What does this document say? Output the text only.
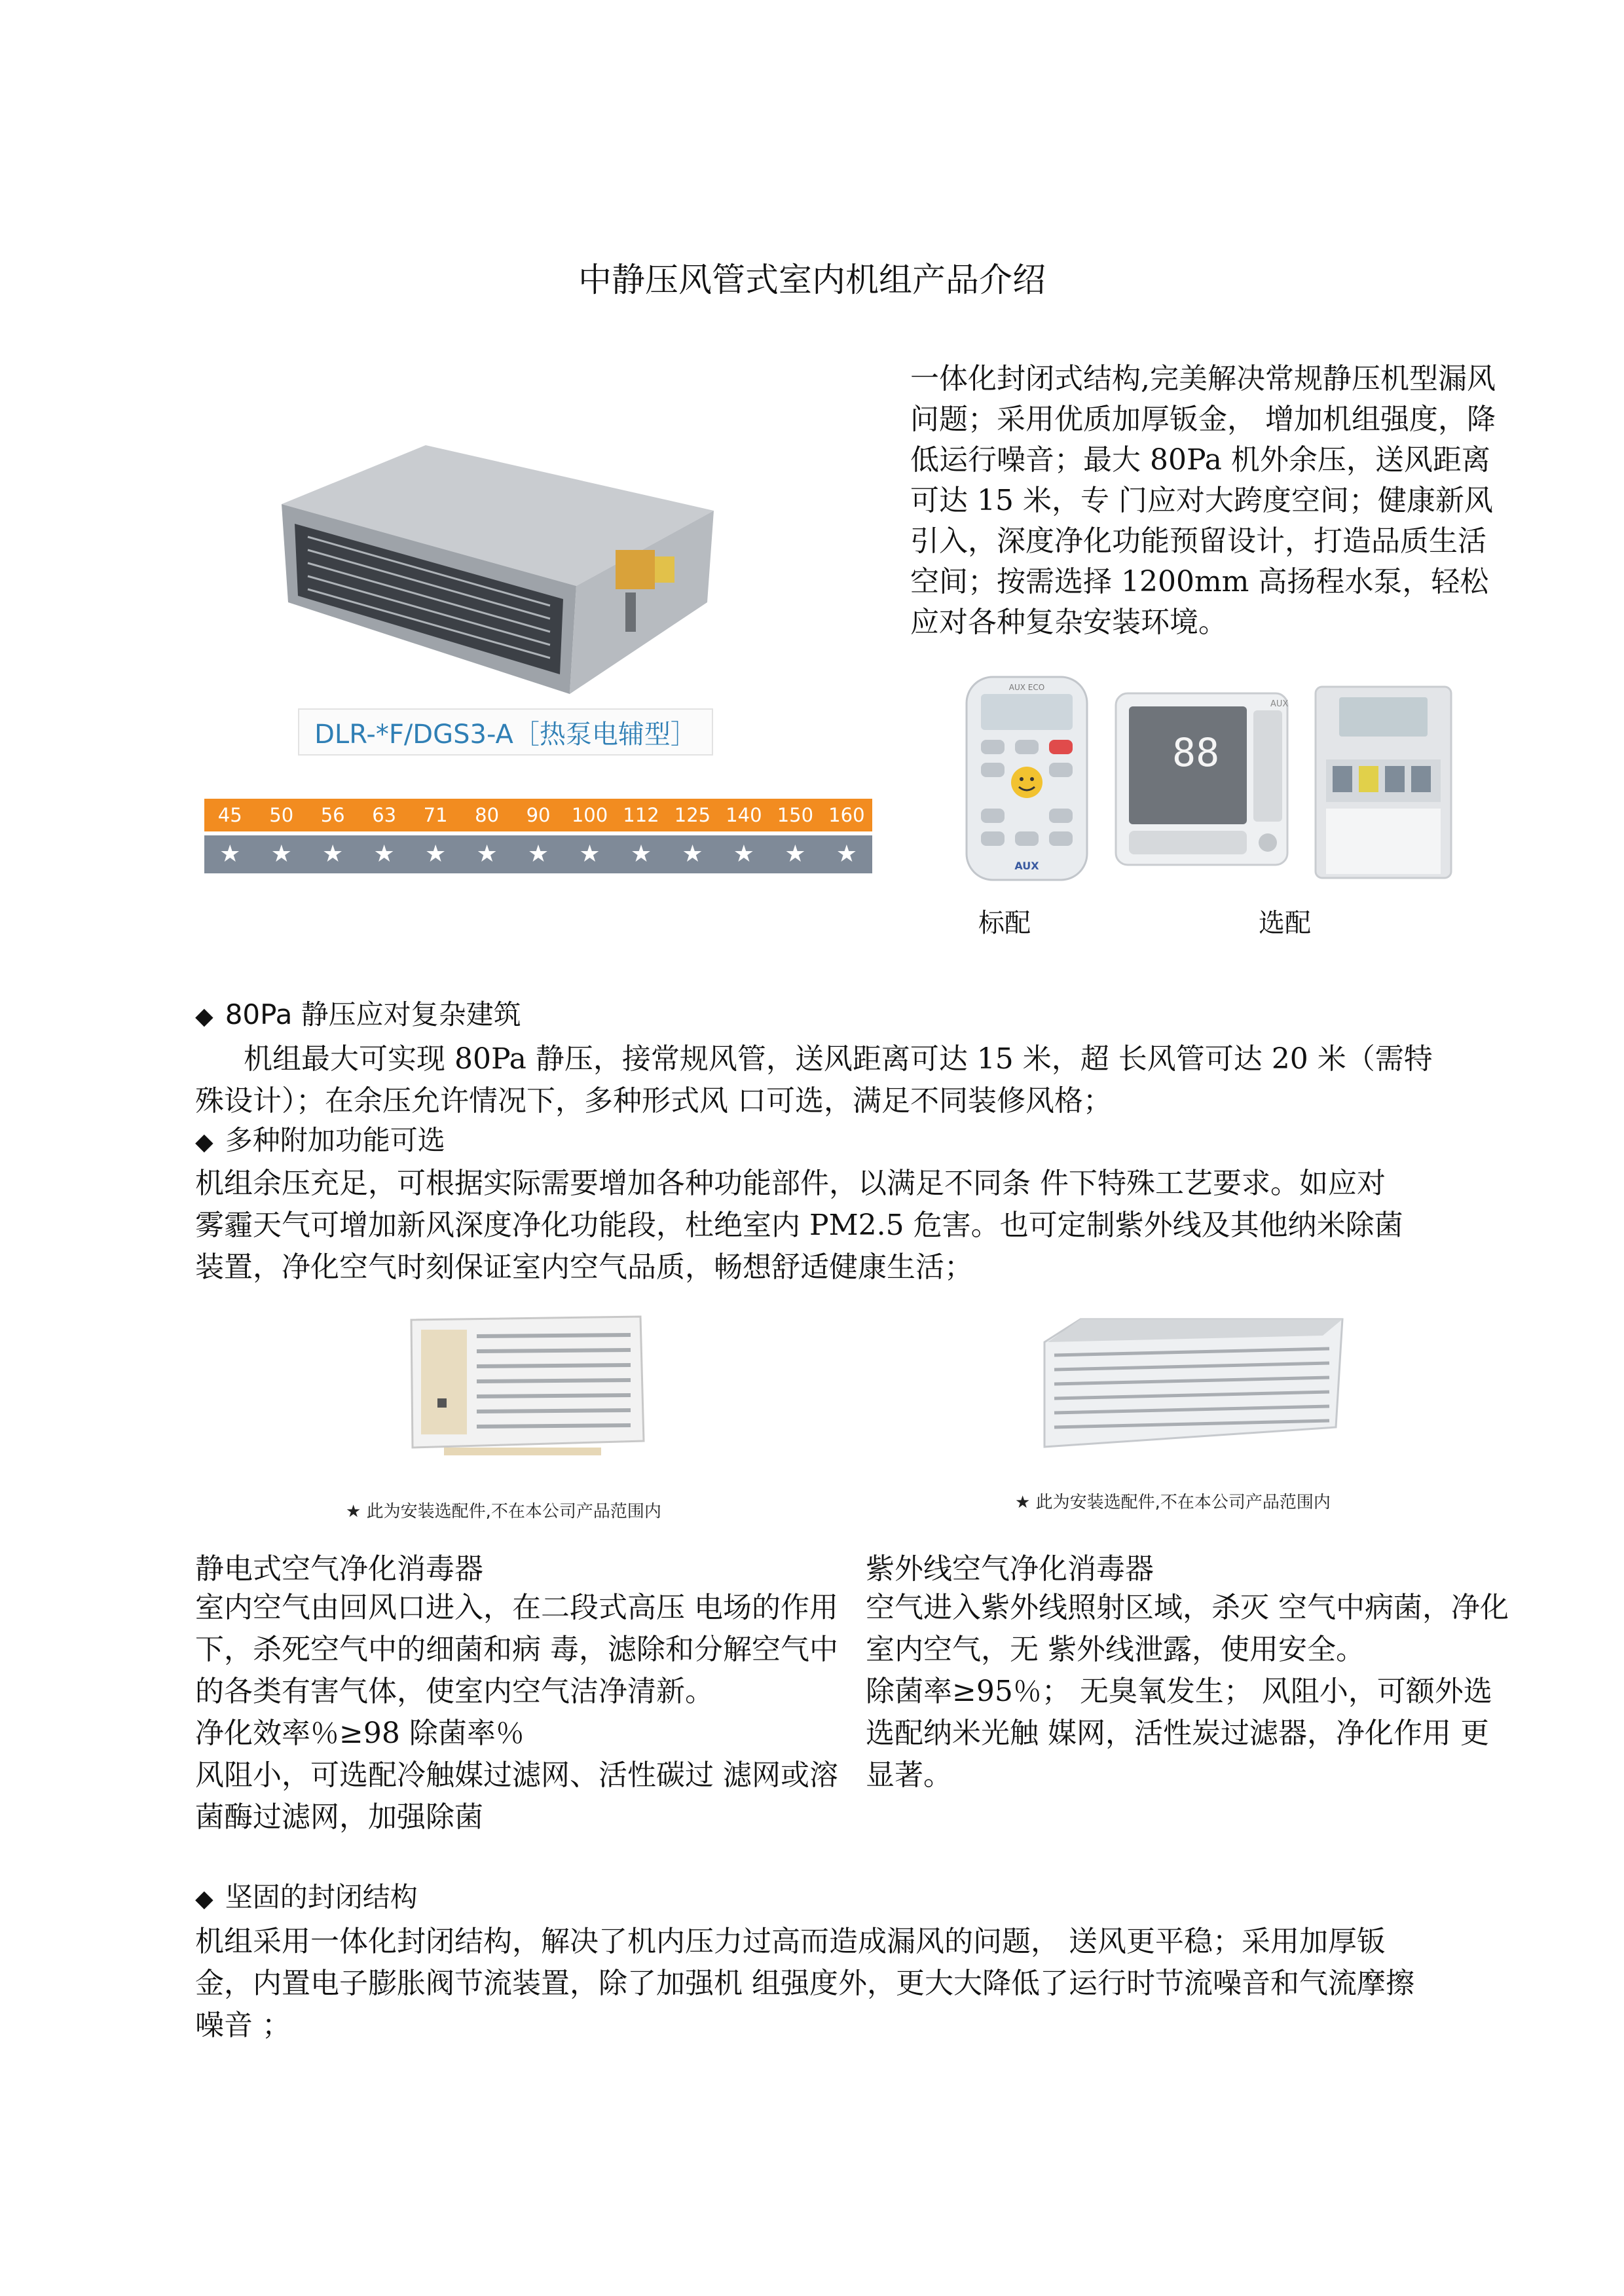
中静压风管式室内机组产品介绍
DLR-*F/DGS3-A［热泵电辅型］
45	50	56	63	71	80	90	100 112 125 140 150 160
★	★	★	★	★	★	★	★	★	★	★	★	★

一体化封闭式结构,完美解决常规静压机型漏风问题；采用优质加厚钣金， 增加机组强度，降低运行噪音；最大 80Pa 机外余压，送风距离可达 15 米，专 门应对大跨度空间；健康新风引入，深度净化功能预留设计，打造品质生活 空间；按需选择 1200mm 高扬程水泵，轻松应对各种复杂安装环境。

AUX ECO
AUX
88
AUX
标配	选配
◆ 80Pa 静压应对复杂建筑

机组最大可实现 80Pa 静压，接常规风管，送风距离可达 15 米，超 长风管可达 20 米（需特殊设计）；在余压允许情况下，多种形式风 口可选，满足不同装修风格；

◆ 多种附加功能可选

机组余压充足，可根据实际需要增加各种功能部件，以满足不同条 件下特殊工艺要求。如应对雾霾天气可增加新风深度净化功能段，杜绝室内 PM2.5 危害。也可定制紫外线及其他纳米除菌装置，净化空气时刻保证室内空气品质，畅想舒适健康生活；

★ 此为安装选配件,不在本公司产品范围内	★ 此为安装选配件,不在本公司产品范围内
静电式空气净化消毒器

室内空气由回风口进入，在二段式高压 电场的作用下，杀死空气中的细菌和病 毒，滤除和分解空气中的各类有害气体，使室内空气洁净清新。

净化效率％≥98 除菌率％

风阻小，可选配冷触媒过滤网、活性碳过 滤网或溶菌酶过滤网，加强除菌

紫外线空气净化消毒器

空气进入紫外线照射区域，杀灭 空气中病菌，净化室内空气，无 紫外线泄露，使用安全。

除菌率≥95％； 无臭氧发生； 风阻小，可额外选选配纳米光触 媒网，活性炭过滤器，净化作用 更显著。

◆ 坚固的封闭结构

机组采用一体化封闭结构，解决了机内压力过高而造成漏风的问题， 送风更平稳；采用加厚钣金，内置电子膨胀阀节流装置，除了加强机 组强度外，更大大降低了运行时节流噪音和气流摩擦噪音 ；
